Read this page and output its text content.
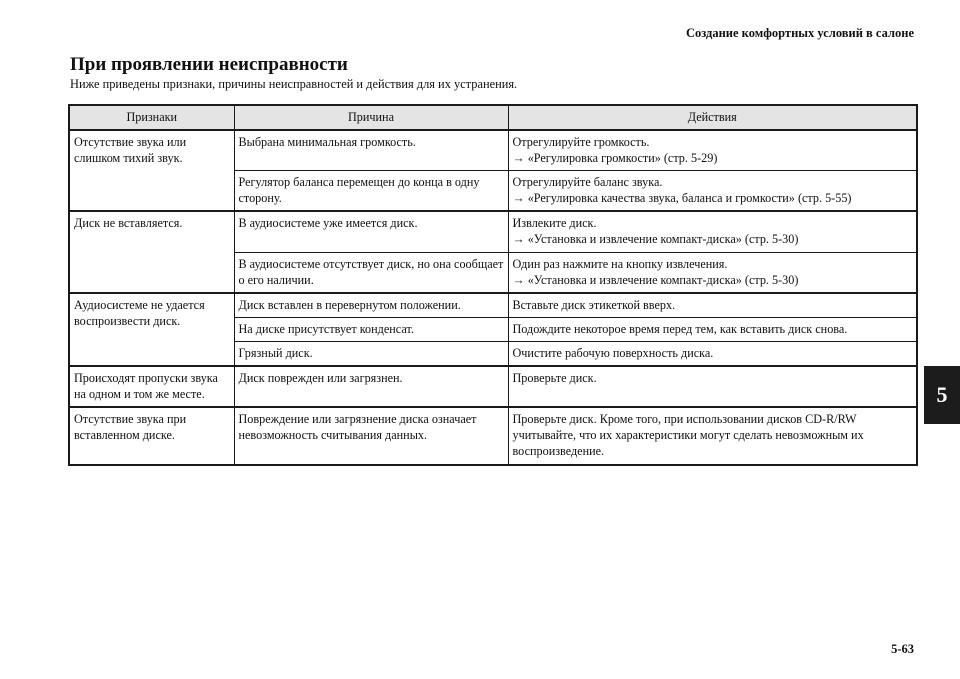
Создание комфортных условий в салоне
При проявлении неисправности
Ниже приведены признаки, причины неисправностей и действия для их устранения.
Признаки	Причина	Действия
Отсутствие звука или слишком тихий звук.	Выбрана минимальная громкость.	Отрегулируйте громкость.
→ «Регулировка громкости» (стр. 5-29)

	Регулятор баланса перемещен до конца в одну сторону.	Отрегулируйте баланс звука.
→ «Регулировка качества звука, баланса и громкости» (стр. 5-55)

Диск не вставляется.	В аудиосистеме уже имеется диск.	Извлеките диск.
→ «Установка и извлечение компакт-диска» (стр. 5-30)

	В аудиосистеме отсутствует диск, но она сообщает о его наличии.	Один раз нажмите на кнопку извлечения.
→ «Установка и извлечение компакт-диска» (стр. 5-30)

Аудиосистеме не удается воспроизвести диск.	Диск вставлен в перевернутом положении.	Вставьте диск этикеткой вверх.
	На диске присутствует конденсат.	Подождите некоторое время перед тем, как вставить диск снова.
	Грязный диск.	Очистите рабочую поверхность диска.
Происходят пропуски звука на одном и том же месте.	Диск поврежден или загрязнен.	Проверьте диск.
Отсутствие звука при вставленном диске.	Повреждение или загрязнение диска означает невозможность считывания данных.	Проверьте диск. Кроме того, при использовании дисков CD-R/RW учитывайте, что их характеристики могут сделать невозможным их воспроизведение.
5
5-63
